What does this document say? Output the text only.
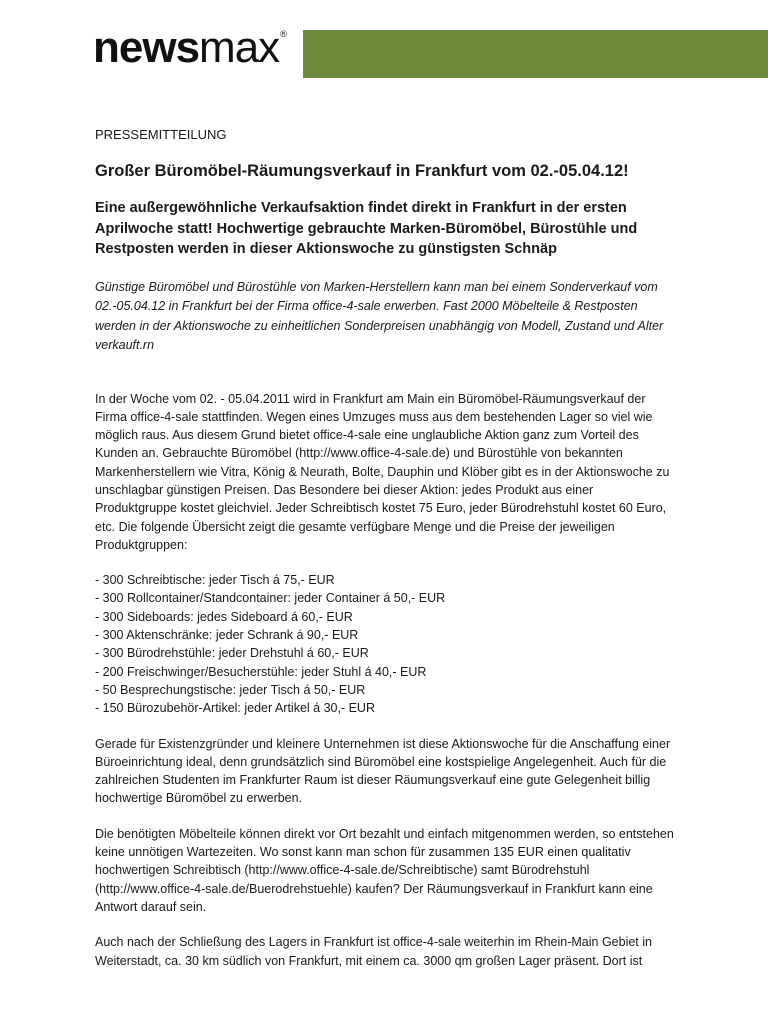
newsmax®

PRESSEMITTEILUNG

Großer Büromöbel-Räumungsverkauf in Frankfurt vom 02.-05.04.12!

Eine außergewöhnliche Verkaufsaktion findet direkt in Frankfurt in der ersten Aprilwoche statt! Hochwertige gebrauchte Marken-Büromöbel, Bürostühle und Restposten werden in dieser Aktionswoche zu günstigsten Schnäp

Günstige Büromöbel und Bürostühle von Marken-Herstellern kann man bei einem Sonderverkauf vom 02.-05.04.12 in Frankfurt bei der Firma office-4-sale erwerben. Fast 2000 Möbelteile & Restposten werden in der Aktionswoche zu einheitlichen Sonderpreisen unabhängig von Modell, Zustand und Alter verkauft.rn

In der Woche vom 02. - 05.04.2011 wird in Frankfurt am Main ein Büromöbel-Räumungsverkauf der Firma office-4-sale stattfinden. Wegen eines Umzuges muss aus dem bestehenden Lager so viel wie möglich raus. Aus diesem Grund bietet office-4-sale eine unglaubliche Aktion ganz zum Vorteil des Kunden an. Gebrauchte Büromöbel (http://www.office-4-sale.de) und Bürostühle von bekannten Markenherstellern wie Vitra, König & Neurath, Bolte, Dauphin und Klöber gibt es in der Aktionswoche zu unschlagbar günstigen Preisen. Das Besondere bei dieser Aktion: jedes Produkt aus einer Produktgruppe kostet gleichviel. Jeder Schreibtisch kostet 75 Euro, jeder Bürodrehstuhl kostet 60 Euro, etc. Die folgende Übersicht zeigt die gesamte verfügbare Menge und die Preise der jeweiligen Produktgruppen:

- 300 Schreibtische: jeder Tisch á 75,- EUR
- 300 Rollcontainer/Standcontainer: jeder Container á 50,- EUR
- 300 Sideboards: jedes Sideboard á 60,- EUR
- 300 Aktenschränke: jeder Schrank á 90,- EUR
- 300 Bürodrehstühle: jeder Drehstuhl á 60,- EUR
- 200 Freischwinger/Besucherstühle: jeder Stuhl á 40,- EUR
- 50 Besprechungstische: jeder Tisch á 50,- EUR
- 150 Bürozubehör-Artikel: jeder Artikel á 30,- EUR

Gerade für Existenzgründer und kleinere Unternehmen ist diese Aktionswoche für die Anschaffung einer Büroeinrichtung ideal, denn grundsätzlich sind Büromöbel eine kostspielige Angelegenheit. Auch für die zahlreichen Studenten im Frankfurter Raum ist dieser Räumungsverkauf eine gute Gelegenheit billig hochwertige Büromöbel zu erwerben.

Die benötigten Möbelteile können direkt vor Ort bezahlt und einfach mitgenommen werden, so entstehen keine unnötigen Wartezeiten. Wo sonst kann man schon für zusammen 135 EUR einen qualitativ hochwertigen Schreibtisch (http://www.office-4-sale.de/Schreibtische) samt Bürodrehstuhl (http://www.office-4-sale.de/Buerodrehstuehle) kaufen? Der Räumungsverkauf in Frankfurt kann eine Antwort darauf sein.

Auch nach der Schließung des Lagers in Frankfurt ist office-4-sale weiterhin im Rhein-Main Gebiet in Weiterstadt, ca. 30 km südlich von Frankfurt, mit einem ca. 3000 qm großen Lager präsent. Dort ist
